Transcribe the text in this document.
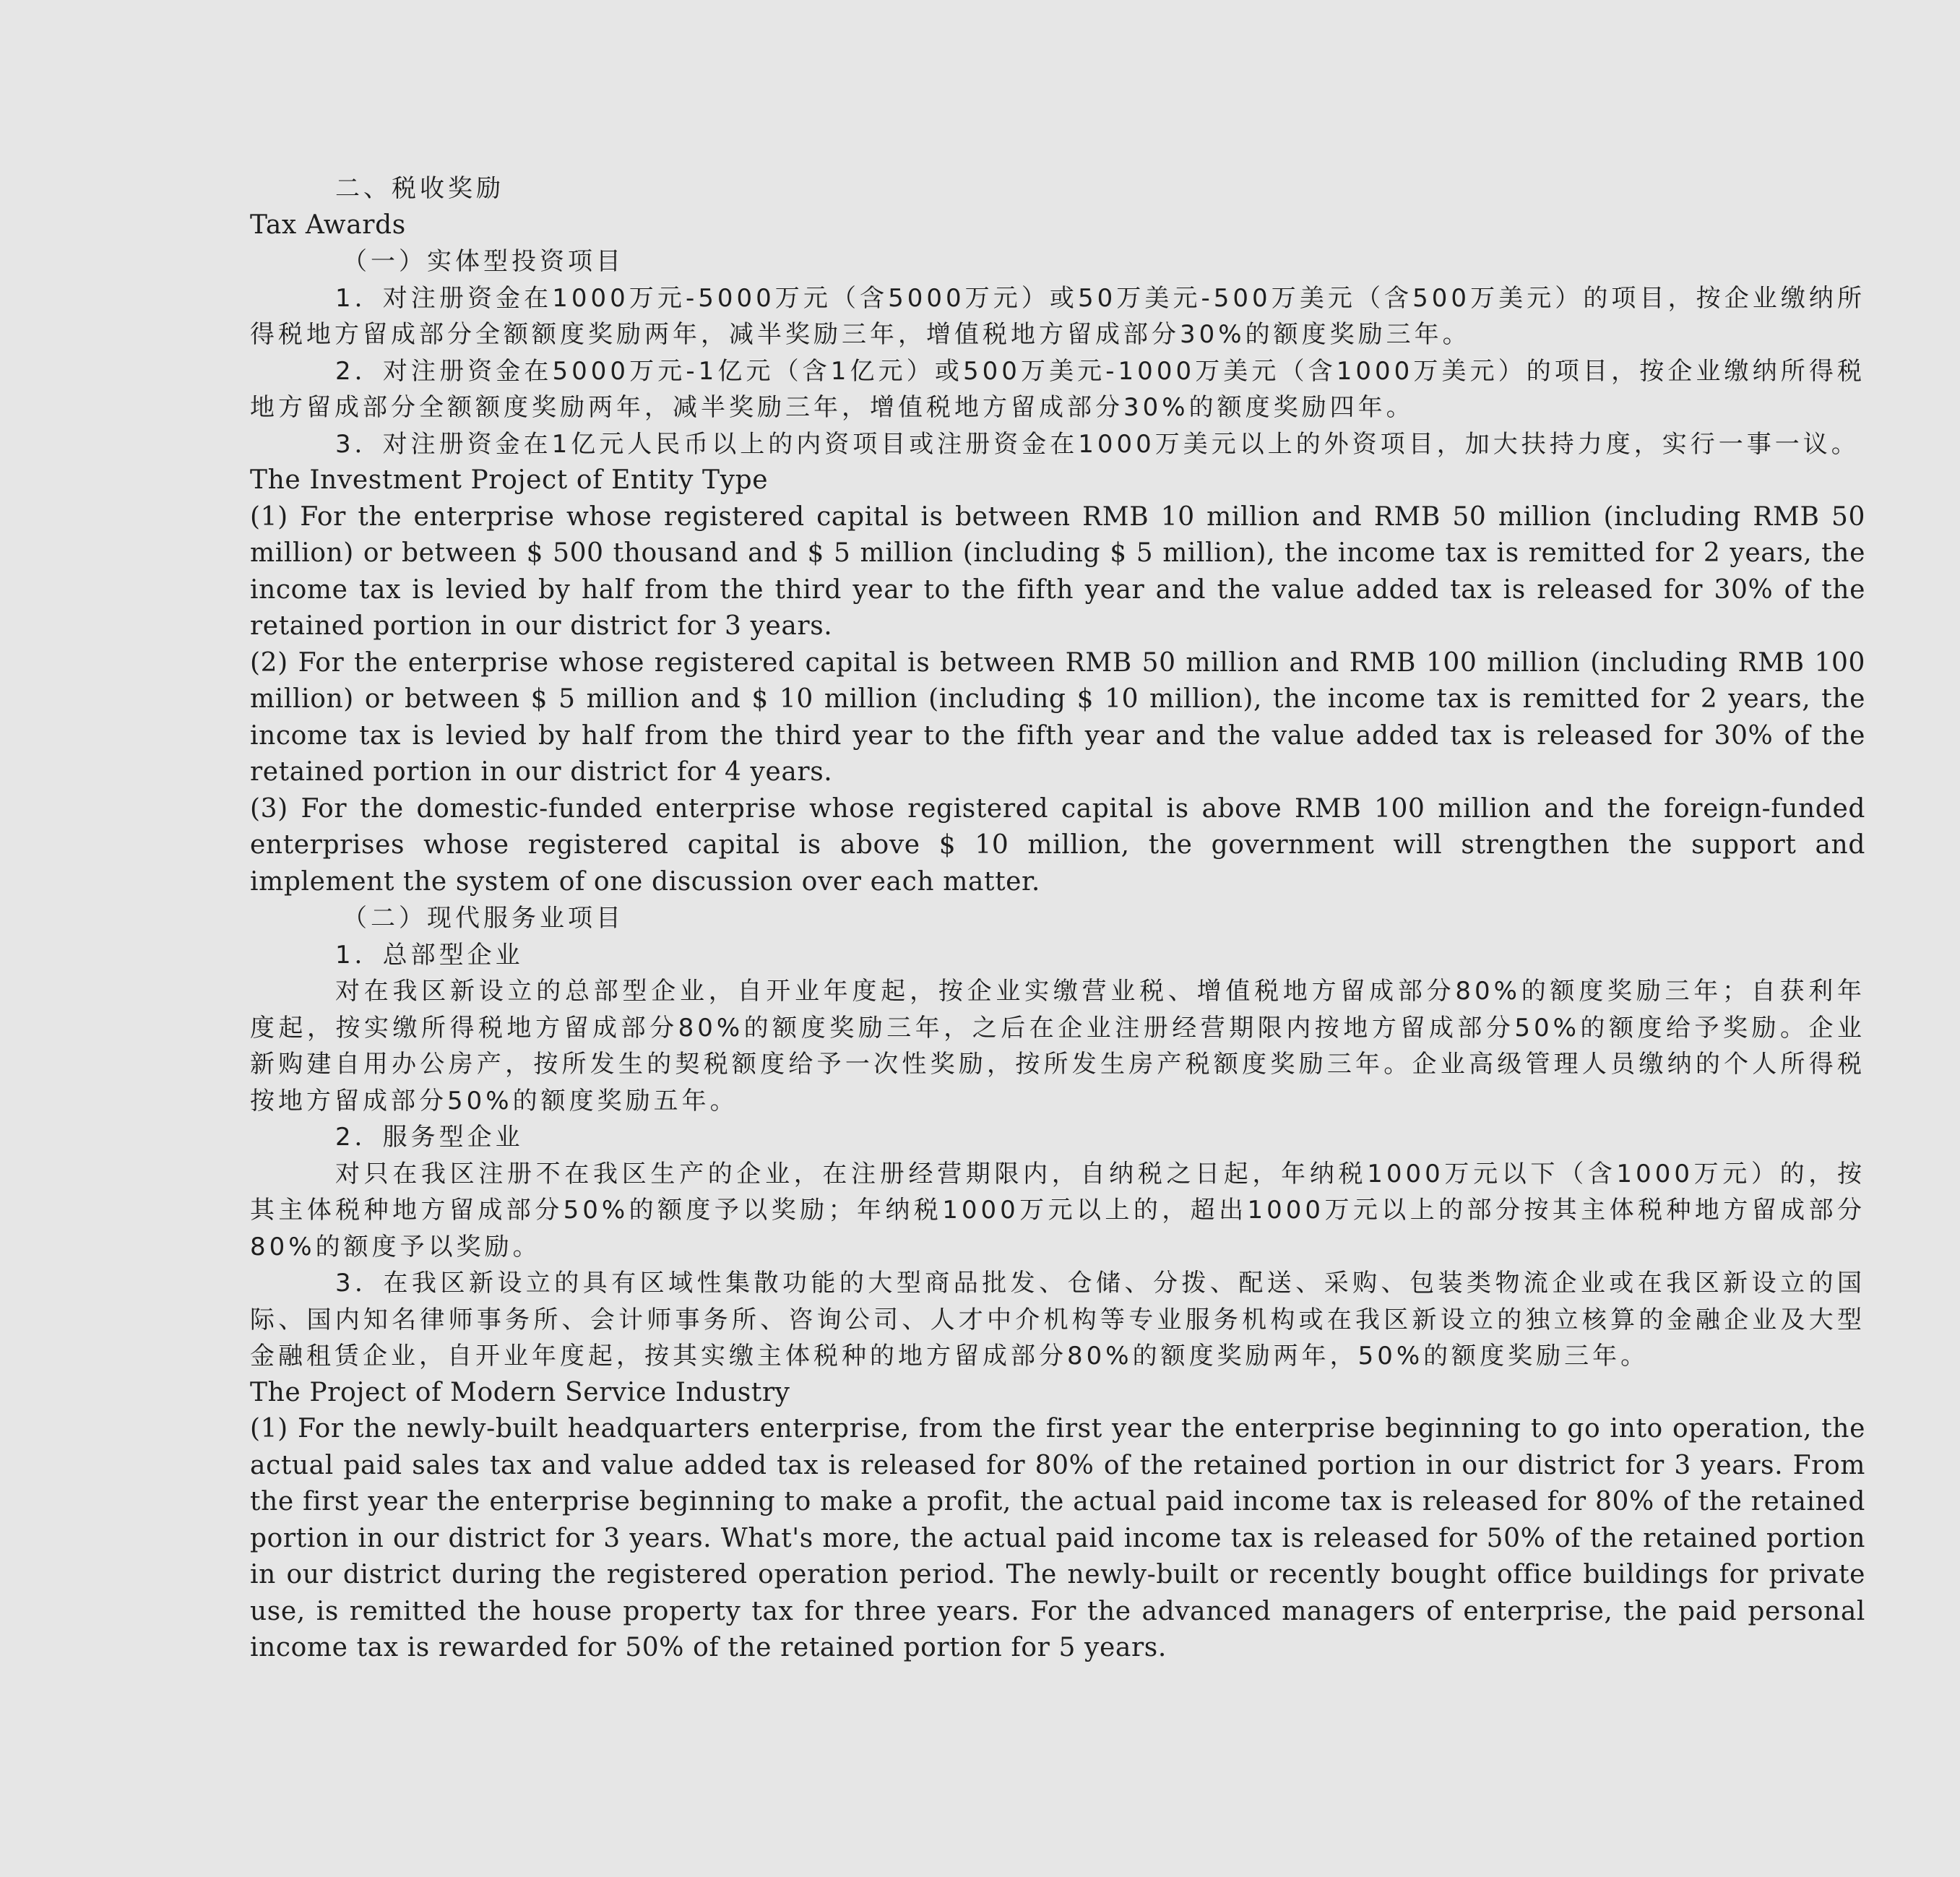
二、税收奖励

Tax Awards

（一）实体型投资项目

1．对注册资金在1000万元-5000万元（含5000万元）或50万美元-500万美元（含500万美元）的项目，按企业缴纳所得税地方留成部分全额额度奖励两年，减半奖励三年，增值税地方留成部分30%的额度奖励三年。

2．对注册资金在5000万元-1亿元（含1亿元）或500万美元-1000万美元（含1000万美元）的项目，按企业缴纳所得税地方留成部分全额额度奖励两年，减半奖励三年，增值税地方留成部分30%的额度奖励四年。

3．对注册资金在1亿元人民币以上的内资项目或注册资金在1000万美元以上的外资项目，加大扶持力度，实行一事一议。

The Investment Project of Entity Type

(1) For the enterprise whose registered capital is between RMB 10 million and RMB 50 million (including RMB 50 million) or between $ 500 thousand and $ 5 million (including $ 5 million), the income tax is remitted for 2 years, the income tax is levied by half from the third year to the fifth year and the value added tax is released for 30% of the retained portion in our district for 3 years.

(2) For the enterprise whose registered capital is between RMB 50 million and RMB 100 million (including RMB 100 million) or between $ 5 million and $ 10 million (including $ 10 million), the income tax is remitted for 2 years, the income tax is levied by half from the third year to the fifth year and the value added tax is released for 30% of the retained portion in our district for 4 years.

(3) For the domestic-funded enterprise whose registered capital is above RMB 100 million and the foreign-funded enterprises whose registered capital is above $ 10 million, the government will strengthen the support and implement the system of one discussion over each matter.

（二）现代服务业项目

1．总部型企业

对在我区新设立的总部型企业，自开业年度起，按企业实缴营业税、增值税地方留成部分80%的额度奖励三年；自获利年度起，按实缴所得税地方留成部分80%的额度奖励三年，之后在企业注册经营期限内按地方留成部分50%的额度给予奖励。企业新购建自用办公房产，按所发生的契税额度给予一次性奖励，按所发生房产税额度奖励三年。企业高级管理人员缴纳的个人所得税按地方留成部分50%的额度奖励五年。

2．服务型企业

对只在我区注册不在我区生产的企业，在注册经营期限内，自纳税之日起，年纳税1000万元以下（含1000万元）的，按其主体税种地方留成部分50%的额度予以奖励；年纳税1000万元以上的，超出1000万元以上的部分按其主体税种地方留成部分80%的额度予以奖励。

3．在我区新设立的具有区域性集散功能的大型商品批发、仓储、分拨、配送、采购、包装类物流企业或在我区新设立的国际、国内知名律师事务所、会计师事务所、咨询公司、人才中介机构等专业服务机构或在我区新设立的独立核算的金融企业及大型金融租赁企业，自开业年度起，按其实缴主体税种的地方留成部分80%的额度奖励两年，50%的额度奖励三年。

The Project of Modern Service Industry

(1) For the newly-built headquarters enterprise, from the first year the enterprise beginning to go into operation, the actual paid sales tax and value added tax is released for 80% of the retained portion in our district for 3 years. From the first year the enterprise beginning to make a profit, the actual paid income tax is released for 80% of the retained portion in our district for 3 years. What's more, the actual paid income tax is released for 50% of the retained portion in our district during the registered operation period. The newly-built or recently bought office buildings for private use, is remitted the house property tax for three years. For the advanced managers of enterprise, the paid personal income tax is rewarded for 50% of the retained portion for 5 years.
